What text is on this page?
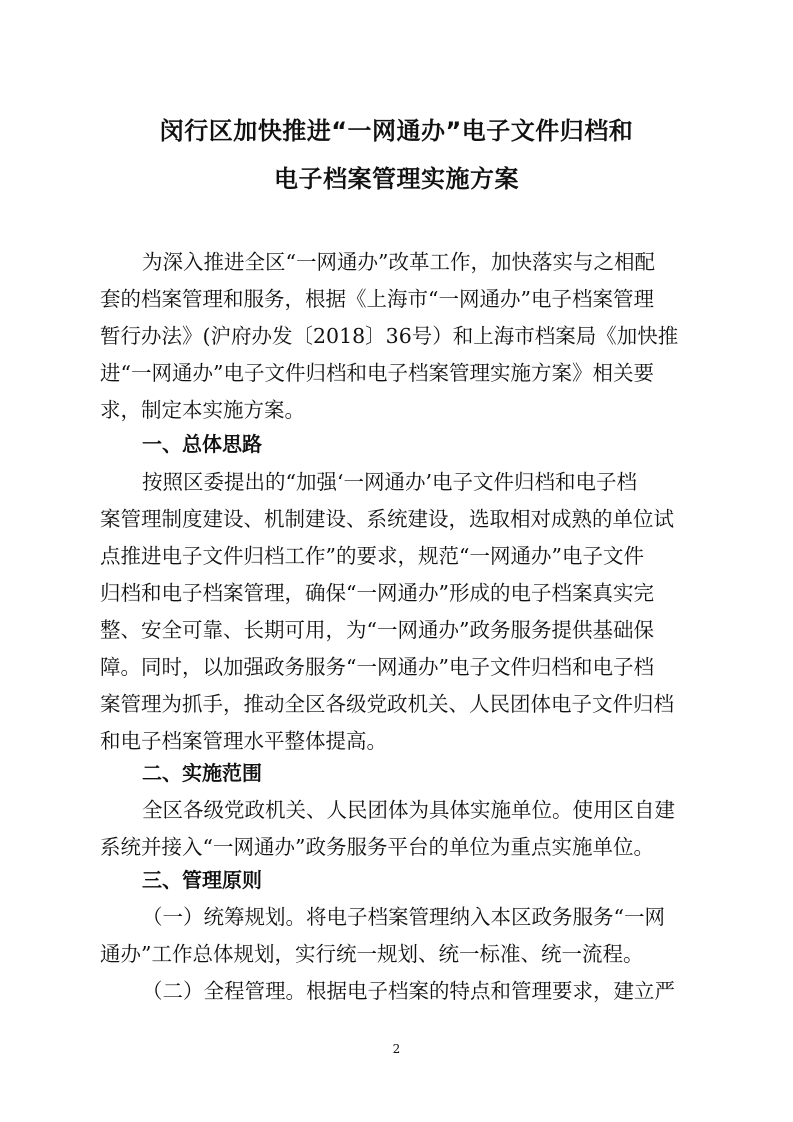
闵行区加快推进“一网通办”电子文件归档和
电子档案管理实施方案
为深入推进全区“一网通办”改革工作，加快落实与之相配
套的档案管理和服务，根据《上海市“一网通办”电子档案管理
暂行办法》(沪府办发〔2018〕36号）和上海市档案局《加快推
进“一网通办”电子文件归档和电子档案管理实施方案》相关要
求，制定本实施方案。
一、总体思路
按照区委提出的“加强‘一网通办’电子文件归档和电子档
案管理制度建设、机制建设、系统建设，选取相对成熟的单位试
点推进电子文件归档工作”的要求，规范“一网通办”电子文件
归档和电子档案管理，确保“一网通办”形成的电子档案真实完
整、安全可靠、长期可用，为“一网通办”政务服务提供基础保
障。同时，以加强政务服务“一网通办”电子文件归档和电子档
案管理为抓手，推动全区各级党政机关、人民团体电子文件归档
和电子档案管理水平整体提高。
二、实施范围
全区各级党政机关、人民团体为具体实施单位。使用区自建
系统并接入“一网通办”政务服务平台的单位为重点实施单位。
三、管理原则
（一）统筹规划。将电子档案管理纳入本区政务服务“一网
通办”工作总体规划，实行统一规划、统一标准、统一流程。
（二）全程管理。根据电子档案的特点和管理要求，建立严
2
